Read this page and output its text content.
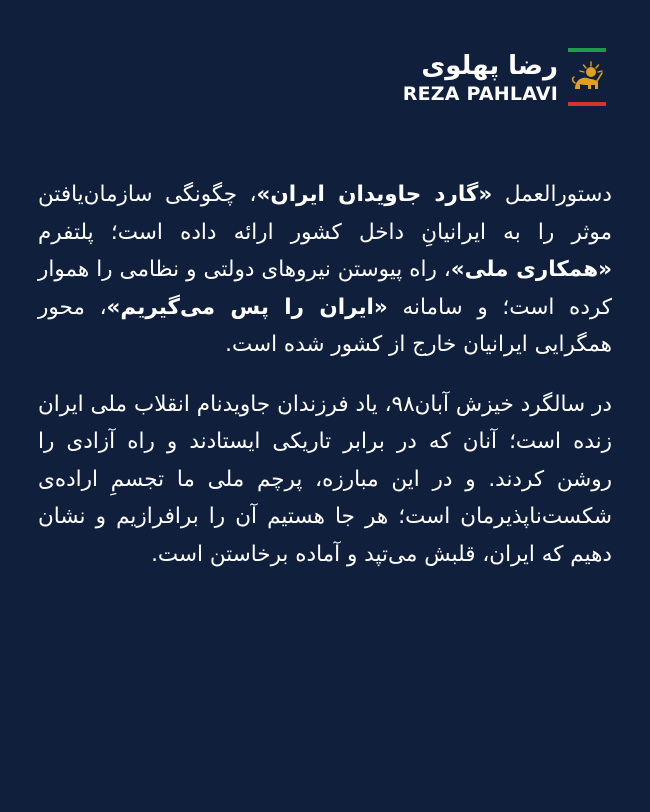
رضا پهلوی
REZA PAHLAVI

دستورالعمل «گارد جاویدان ایران»، چگونگی سازمان‌یافتن موثر را به ایرانیانِ داخل کشور ارائه داده است؛ پلتفرم «همکاری ملی»، راه پیوستن نیروهای دولتی و نظامی را هموار کرده است؛ و سامانه «ایران را پس می‌گیریم»، محور همگرایی ایرانیان خارج از کشور شده است.

در سالگرد خیزش آبان۹۸، یاد فرزندان جاویدنام انقلاب ملی ایران زنده است؛ آنان که در برابر تاریکی ایستادند و راه آزادی را روشن کردند. و در این مبارزه، پرچم ملی ما تجسمِ اراده‌ی شکست‌ناپذیرمان است؛ هر جا هستیم آن را برافرازیم و نشان دهیم که ایران، قلبش می‌تپد و آماده برخاستن است.
